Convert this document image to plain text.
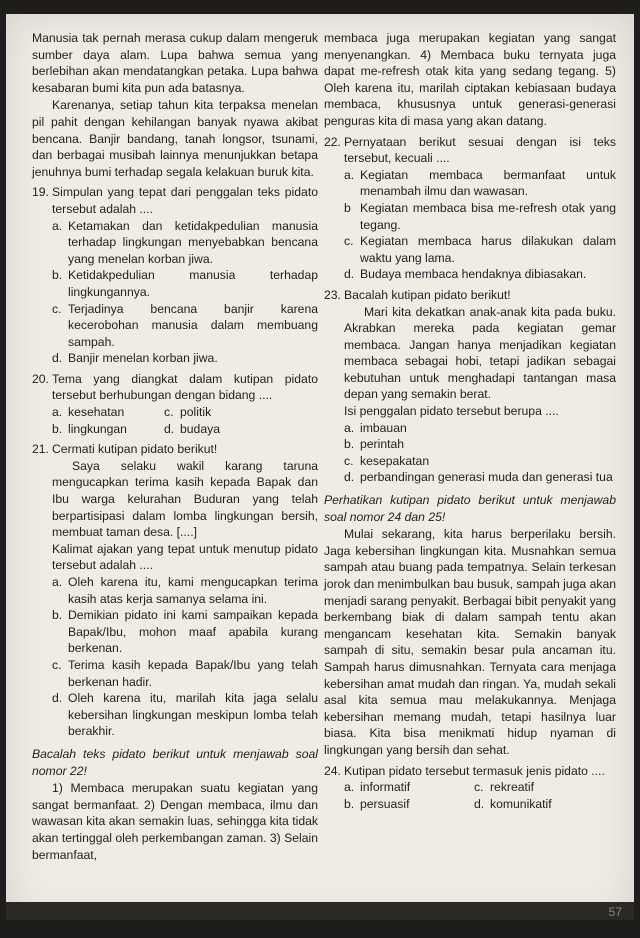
Manusia tak pernah merasa cukup dalam mengeruk sumber daya alam. Lupa bahwa semua yang berlebihan akan mendatangkan petaka. Lupa bahwa kesabaran bumi kita pun ada batasnya.

Karenanya, setiap tahun kita terpaksa menelan pil pahit dengan kehilangan banyak nyawa akibat bencana. Banjir bandang, tanah longsor, tsunami, dan berbagai musibah lainnya menunjukkan betapa jenuhnya bumi terhadap segala kelakuan buruk kita.

19. Simpulan yang tepat dari penggalan teks pidato tersebut adalah ....
a. Ketamakan dan ketidakpedulian manusia terhadap lingkungan menyebabkan bencana yang menelan korban jiwa.
b. Ketidakpedulian manusia terhadap lingkungannya.
c. Terjadinya bencana banjir karena kecerobohan manusia dalam membuang sampah.
d. Banjir menelan korban jiwa.
20. Tema yang diangkat dalam kutipan pidato tersebut berhubungan dengan bidang ....
a. kesehatan	c. politik
b. lingkungan	d. budaya
21. Cermati kutipan pidato berikut!

Saya selaku wakil karang taruna mengucapkan terima kasih kepada Bapak dan Ibu warga kelurahan Buduran yang telah berpartisipasi dalam lomba lingkungan bersih, membuat taman desa. [....]

Kalimat ajakan yang tepat untuk menutup pidato tersebut adalah ....

a. Oleh karena itu, kami mengucapkan terima kasih atas kerja samanya selama ini.
b. Demikian pidato ini kami sampaikan kepada Bapak/Ibu, mohon maaf apabila kurang berkenan.
c. Terima kasih kepada Bapak/Ibu yang telah berkenan hadir.
d. Oleh karena itu, marilah kita jaga selalu kebersihan lingkungan meskipun lomba telah berakhir.

Bacalah teks pidato berikut untuk menjawab soal nomor 22!

1) Membaca merupakan suatu kegiatan yang sangat bermanfaat. 2) Dengan membaca, ilmu dan wawasan kita akan semakin luas, sehingga kita tidak akan tertinggal oleh perkembangan zaman. 3) Selain bermanfaat,

membaca juga merupakan kegiatan yang sangat menyenangkan. 4) Membaca buku ternyata juga dapat me-refresh otak kita yang sedang tegang. 5) Oleh karena itu, marilah ciptakan kebiasaan budaya membaca, khususnya untuk generasi-generasi penguras kita di masa yang akan datang.

22. Pernyataan berikut sesuai dengan isi teks tersebut, kecuali ....
a. Kegiatan membaca bermanfaat untuk menambah ilmu dan wawasan.
b Kegiatan membaca bisa me-refresh otak yang tegang.
c. Kegiatan membaca harus dilakukan dalam waktu yang lama.
d. Budaya membaca hendaknya dibiasakan.
23. Bacalah kutipan pidato berikut!

Mari kita dekatkan anak-anak kita pada buku. Akrabkan mereka pada kegiatan gemar membaca. Jangan hanya menjadikan kegiatan membaca sebagai hobi, tetapi jadikan sebagai kebutuhan untuk menghadapi tantangan masa depan yang semakin berat.

Isi penggalan pidato tersebut berupa ....

a. imbauan
b. perintah
c. kesepakatan
d. perbandingan generasi muda dan generasi tua

Perhatikan kutipan pidato berikut untuk menjawab soal nomor 24 dan 25!

Mulai sekarang, kita harus berperilaku bersih. Jaga kebersihan lingkungan kita. Musnahkan semua sampah atau buang pada tempatnya. Selain terkesan jorok dan menimbulkan bau busuk, sampah juga akan menjadi sarang penyakit. Berbagai bibit penyakit yang berkembang biak di dalam sampah tentu akan mengancam kesehatan kita. Semakin banyak sampah di situ, semakin besar pula ancaman itu. Sampah harus dimusnahkan. Ternyata cara menjaga kebersihan amat mudah dan ringan. Ya, mudah sekali asal kita semua mau melakukannya. Menjaga kebersihan memang mudah, tetapi hasilnya luar biasa. Kita bisa menikmati hidup nyaman di lingkungan yang bersih dan sehat.

24. Kutipan pidato tersebut termasuk jenis pidato ....
a. informatif	c. rekreatif
b. persuasif	d. komunikatif
57
